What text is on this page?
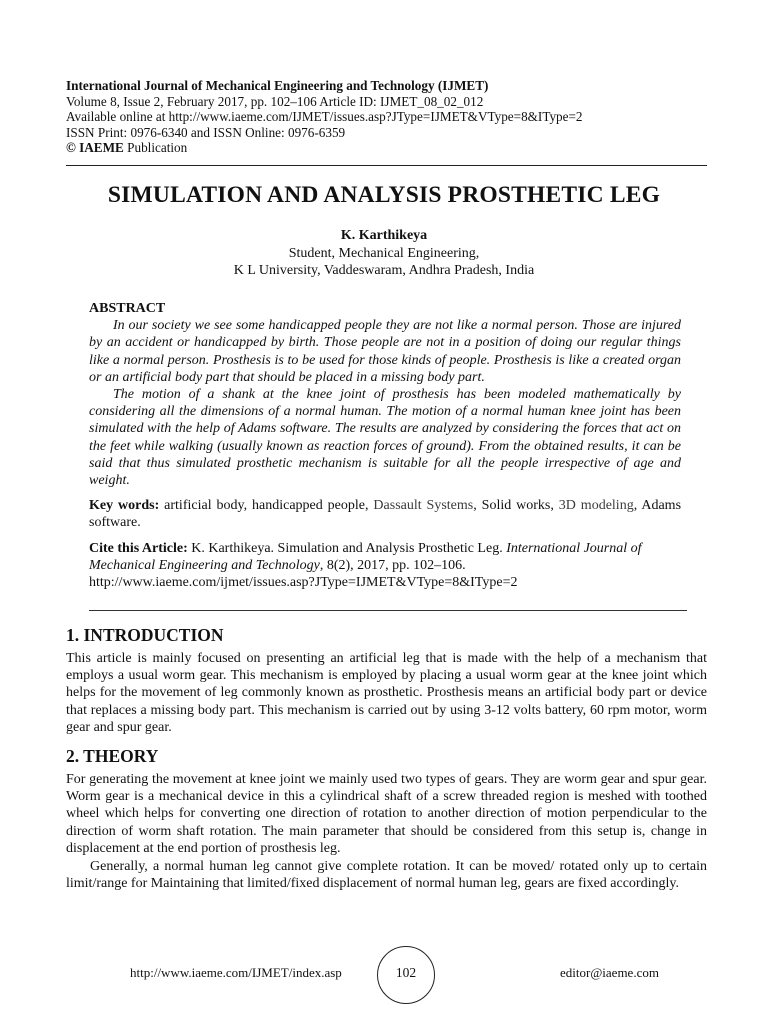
International Journal of Mechanical Engineering and Technology (IJMET)
Volume 8, Issue 2, February 2017, pp. 102–106 Article ID: IJMET_08_02_012
Available online at http://www.iaeme.com/IJMET/issues.asp?JType=IJMET&VType=8&IType=2
ISSN Print: 0976-6340 and ISSN Online: 0976-6359
© IAEME Publication
SIMULATION AND ANALYSIS PROSTHETIC LEG
K. Karthikeya
Student, Mechanical Engineering,
K L University, Vaddeswaram, Andhra Pradesh, India
ABSTRACT

In our society we see some handicapped people they are not like a normal person. Those are injured by an accident or handicapped by birth. Those people are not in a position of doing our regular things like a normal person. Prosthesis is to be used for those kinds of people. Prosthesis is like a created organ or an artificial body part that should be placed in a missing body part.

The motion of a shank at the knee joint of prosthesis has been modeled mathematically by considering all the dimensions of a normal human. The motion of a normal human knee joint has been simulated with the help of Adams software. The results are analyzed by considering the forces that act on the feet while walking (usually known as reaction forces of ground). From the obtained results, it can be said that thus simulated prosthetic mechanism is suitable for all the people irrespective of age and weight.

Key words: artificial body, handicapped people, Dassault Systems, Solid works, 3D modeling, Adams software.
Cite this Article: K. Karthikeya. Simulation and Analysis Prosthetic Leg. International Journal of Mechanical Engineering and Technology, 8(2), 2017, pp. 102–106.
http://www.iaeme.com/ijmet/issues.asp?JType=IJMET&VType=8&IType=2
1. INTRODUCTION

This article is mainly focused on presenting an artificial leg that is made with the help of a mechanism that employs a usual worm gear. This mechanism is employed by placing a usual worm gear at the knee joint which helps for the movement of leg commonly known as prosthetic. Prosthesis means an artificial body part or device that replaces a missing body part. This mechanism is carried out by using 3-12 volts battery, 60 rpm motor, worm gear and spur gear.

2. THEORY

For generating the movement at knee joint we mainly used two types of gears. They are worm gear and spur gear. Worm gear is a mechanical device in this a cylindrical shaft of a screw threaded region is meshed with toothed wheel which helps for converting one direction of rotation to another direction of motion perpendicular to the direction of worm shaft rotation. The main parameter that should be considered from this setup is, change in displacement at the end portion of prosthesis leg.

Generally, a normal human leg cannot give complete rotation. It can be moved/ rotated only up to certain limit/range for Maintaining that limited/fixed displacement of normal human leg, gears are fixed accordingly.

http://www.iaeme.com/IJMET/index.asp	102	editor@iaeme.com
